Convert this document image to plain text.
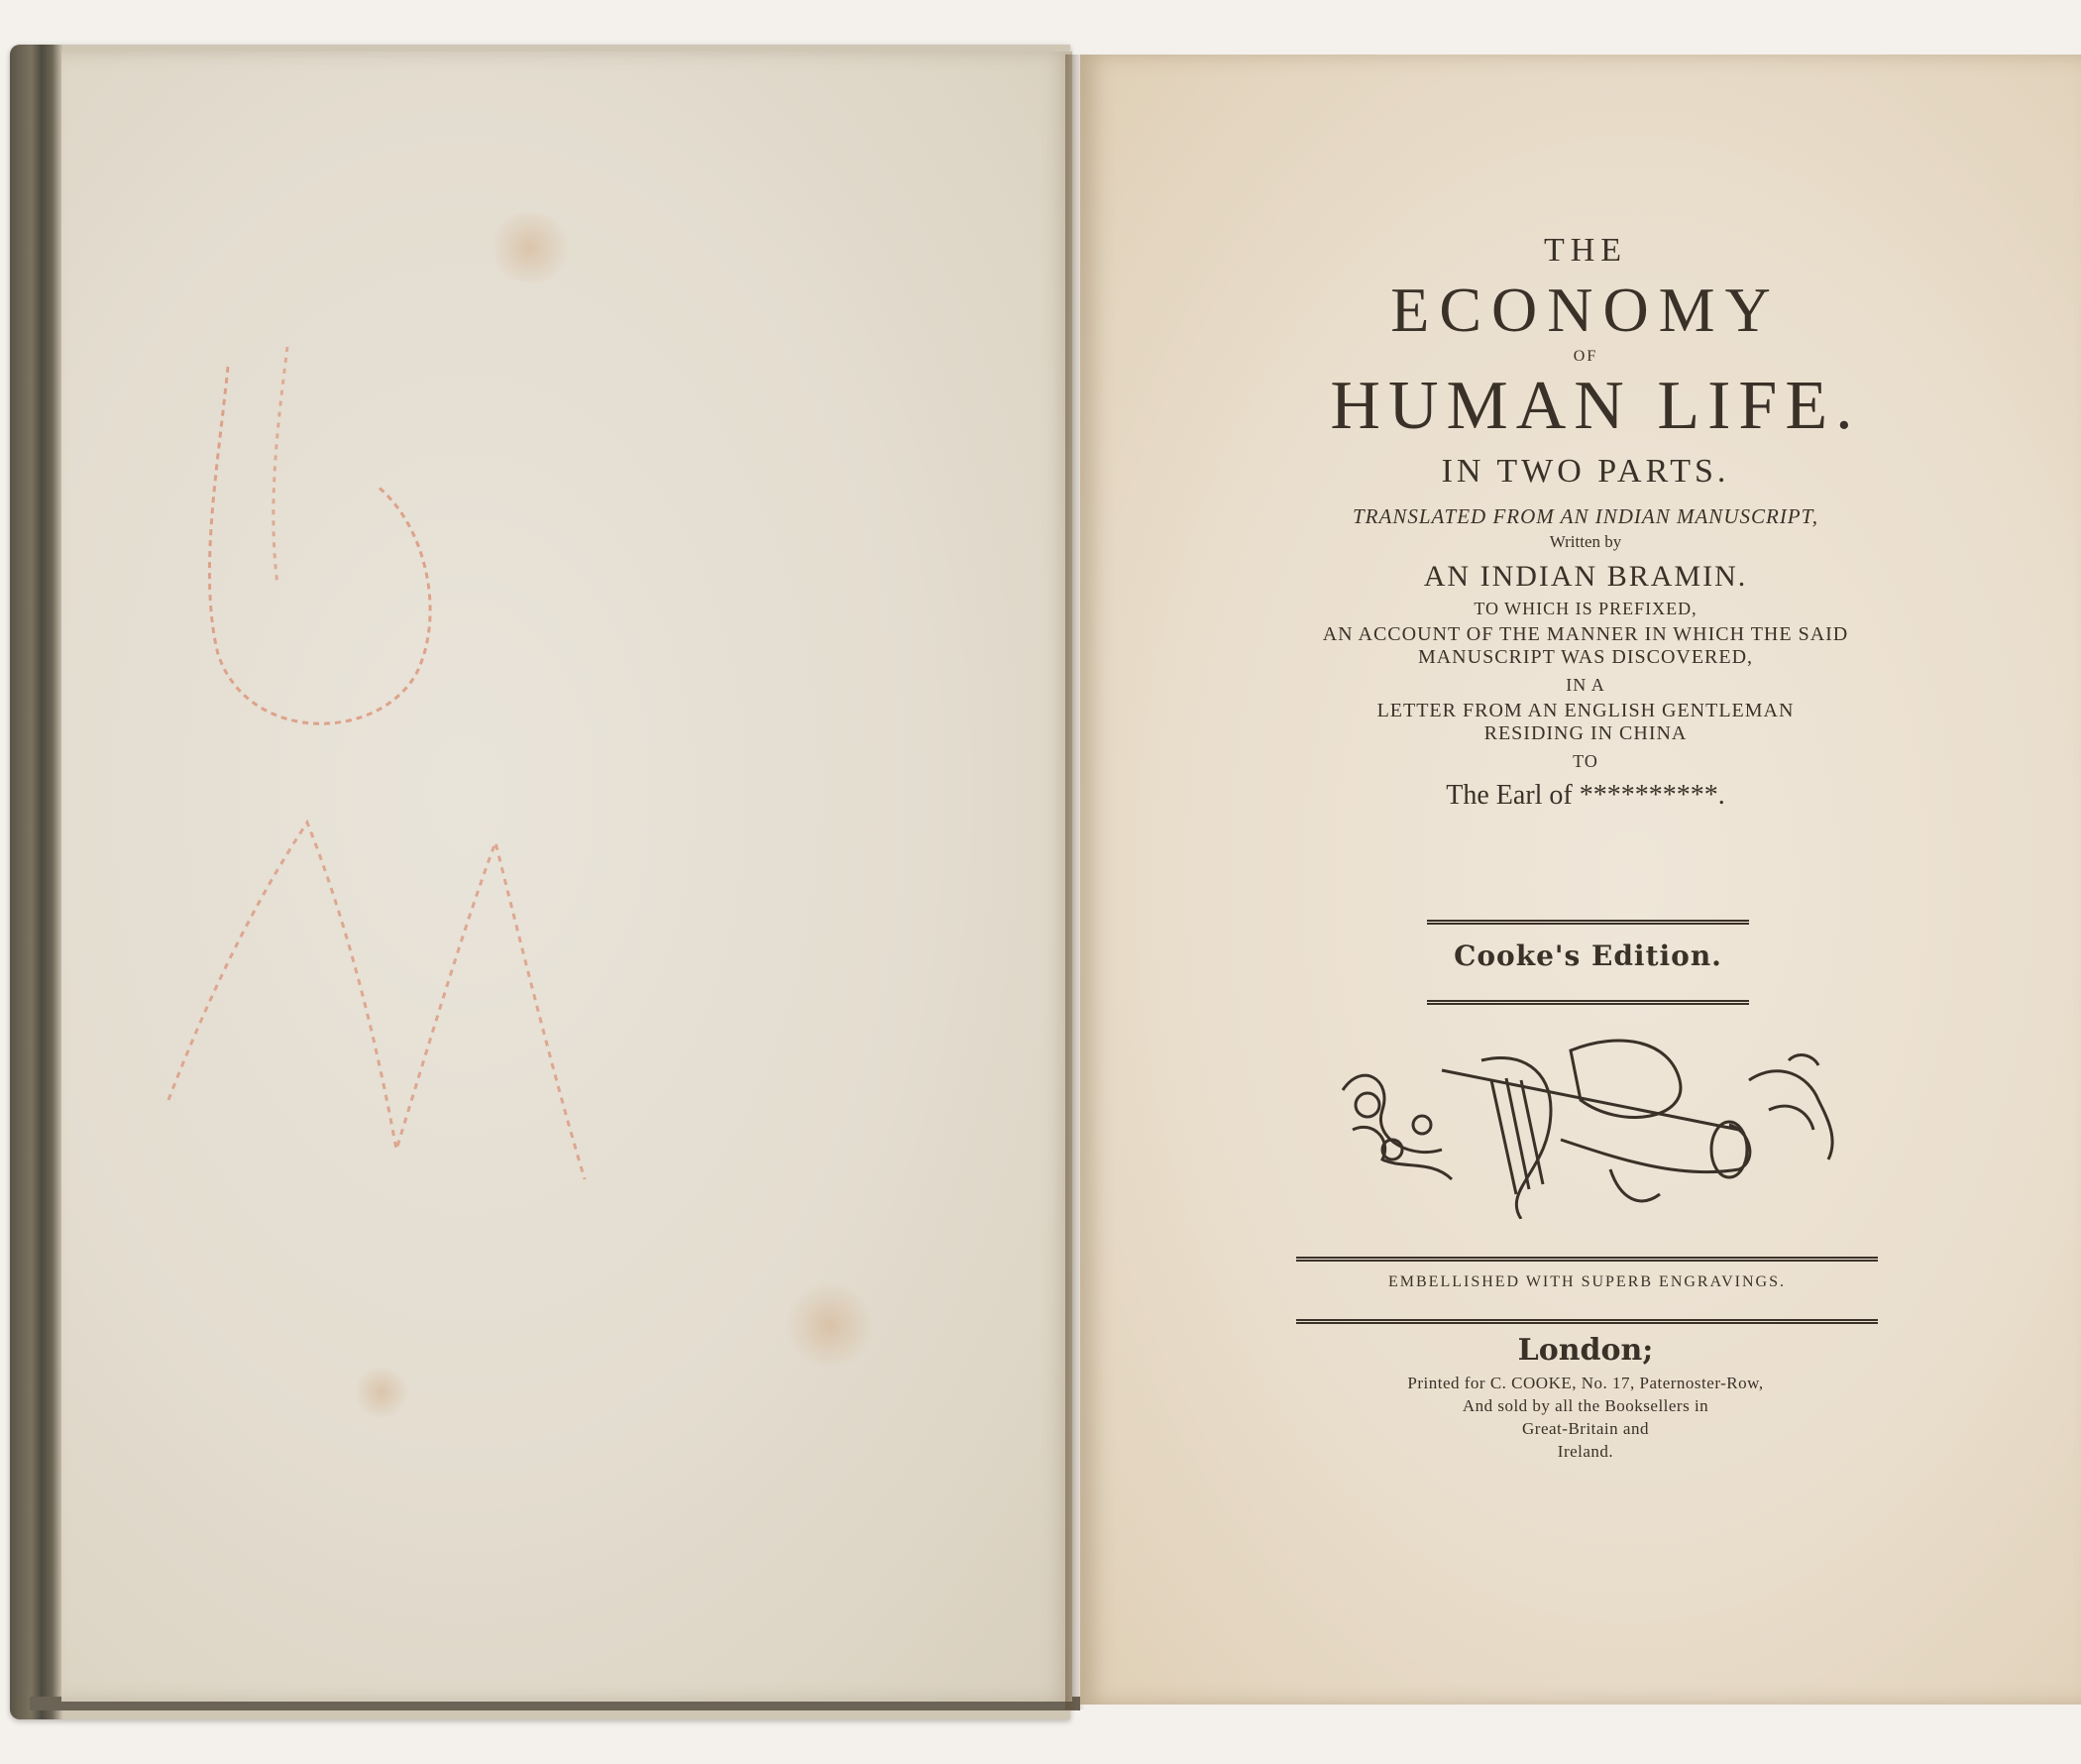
THE

ECONOMY

OF

HUMAN LIFE.

IN TWO PARTS.

TRANSLATED FROM AN INDIAN MANUSCRIPT,

Written by

AN INDIAN BRAMIN.

TO WHICH IS PREFIXED,

AN ACCOUNT OF THE MANNER IN WHICH THE SAID

MANUSCRIPT WAS DISCOVERED,

IN A

LETTER FROM AN ENGLISH GENTLEMAN

RESIDING IN CHINA

TO

The Earl of **********.

Cooke's Edition.
EMBELLISHED WITH SUPERB ENGRAVINGS.

London;

Printed for C. COOKE, No. 17, Paternoster-Row,

And sold by all the Booksellers in

Great-Britain and

Ireland.
